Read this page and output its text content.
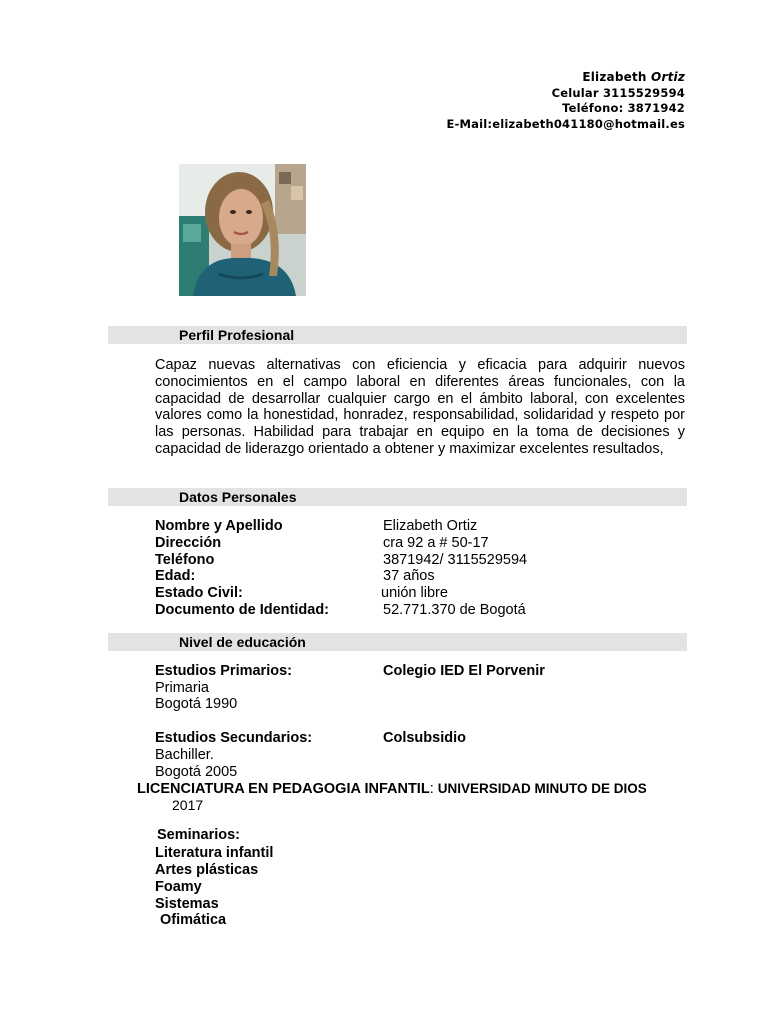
Elizabeth Ortiz
Celular 3115529594
Teléfono: 3871942
E-Mail:elizabeth041180@hotmail.es
Perfil Profesional
Capaz nuevas alternativas con eficiencia y eficacia para adquirir nuevos conocimientos en el campo laboral en diferentes áreas funcionales, con la capacidad de desarrollar cualquier cargo en el ámbito laboral, con excelentes valores como la honestidad, honradez, responsabilidad, solidaridad y respeto por las personas. Habilidad para trabajar en equipo en la toma de decisiones y capacidad de liderazgo orientado a obtener y maximizar excelentes resultados,
Datos Personales
Nombre y Apellido	Elizabeth Ortiz
Dirección	cra 92 a # 50-17
Teléfono	3871942/ 3115529594
Edad:	37 años
Estado Civil:	unión libre
Documento de Identidad:	52.771.370 de Bogotá
Nivel de educación
Estudios Primarios:	Colegio IED El Porvenir
Primaria
Bogotá 1990
Estudios Secundarios:	Colsubsidio
Bachiller.
Bogotá 2005
LICENCIATURA EN PEDAGOGIA INFANTIL: UNIVERSIDAD MINUTO DE DIOS
2017
Seminarios:
Literatura infantil
Artes plásticas
Foamy
Sistemas
Ofimática
